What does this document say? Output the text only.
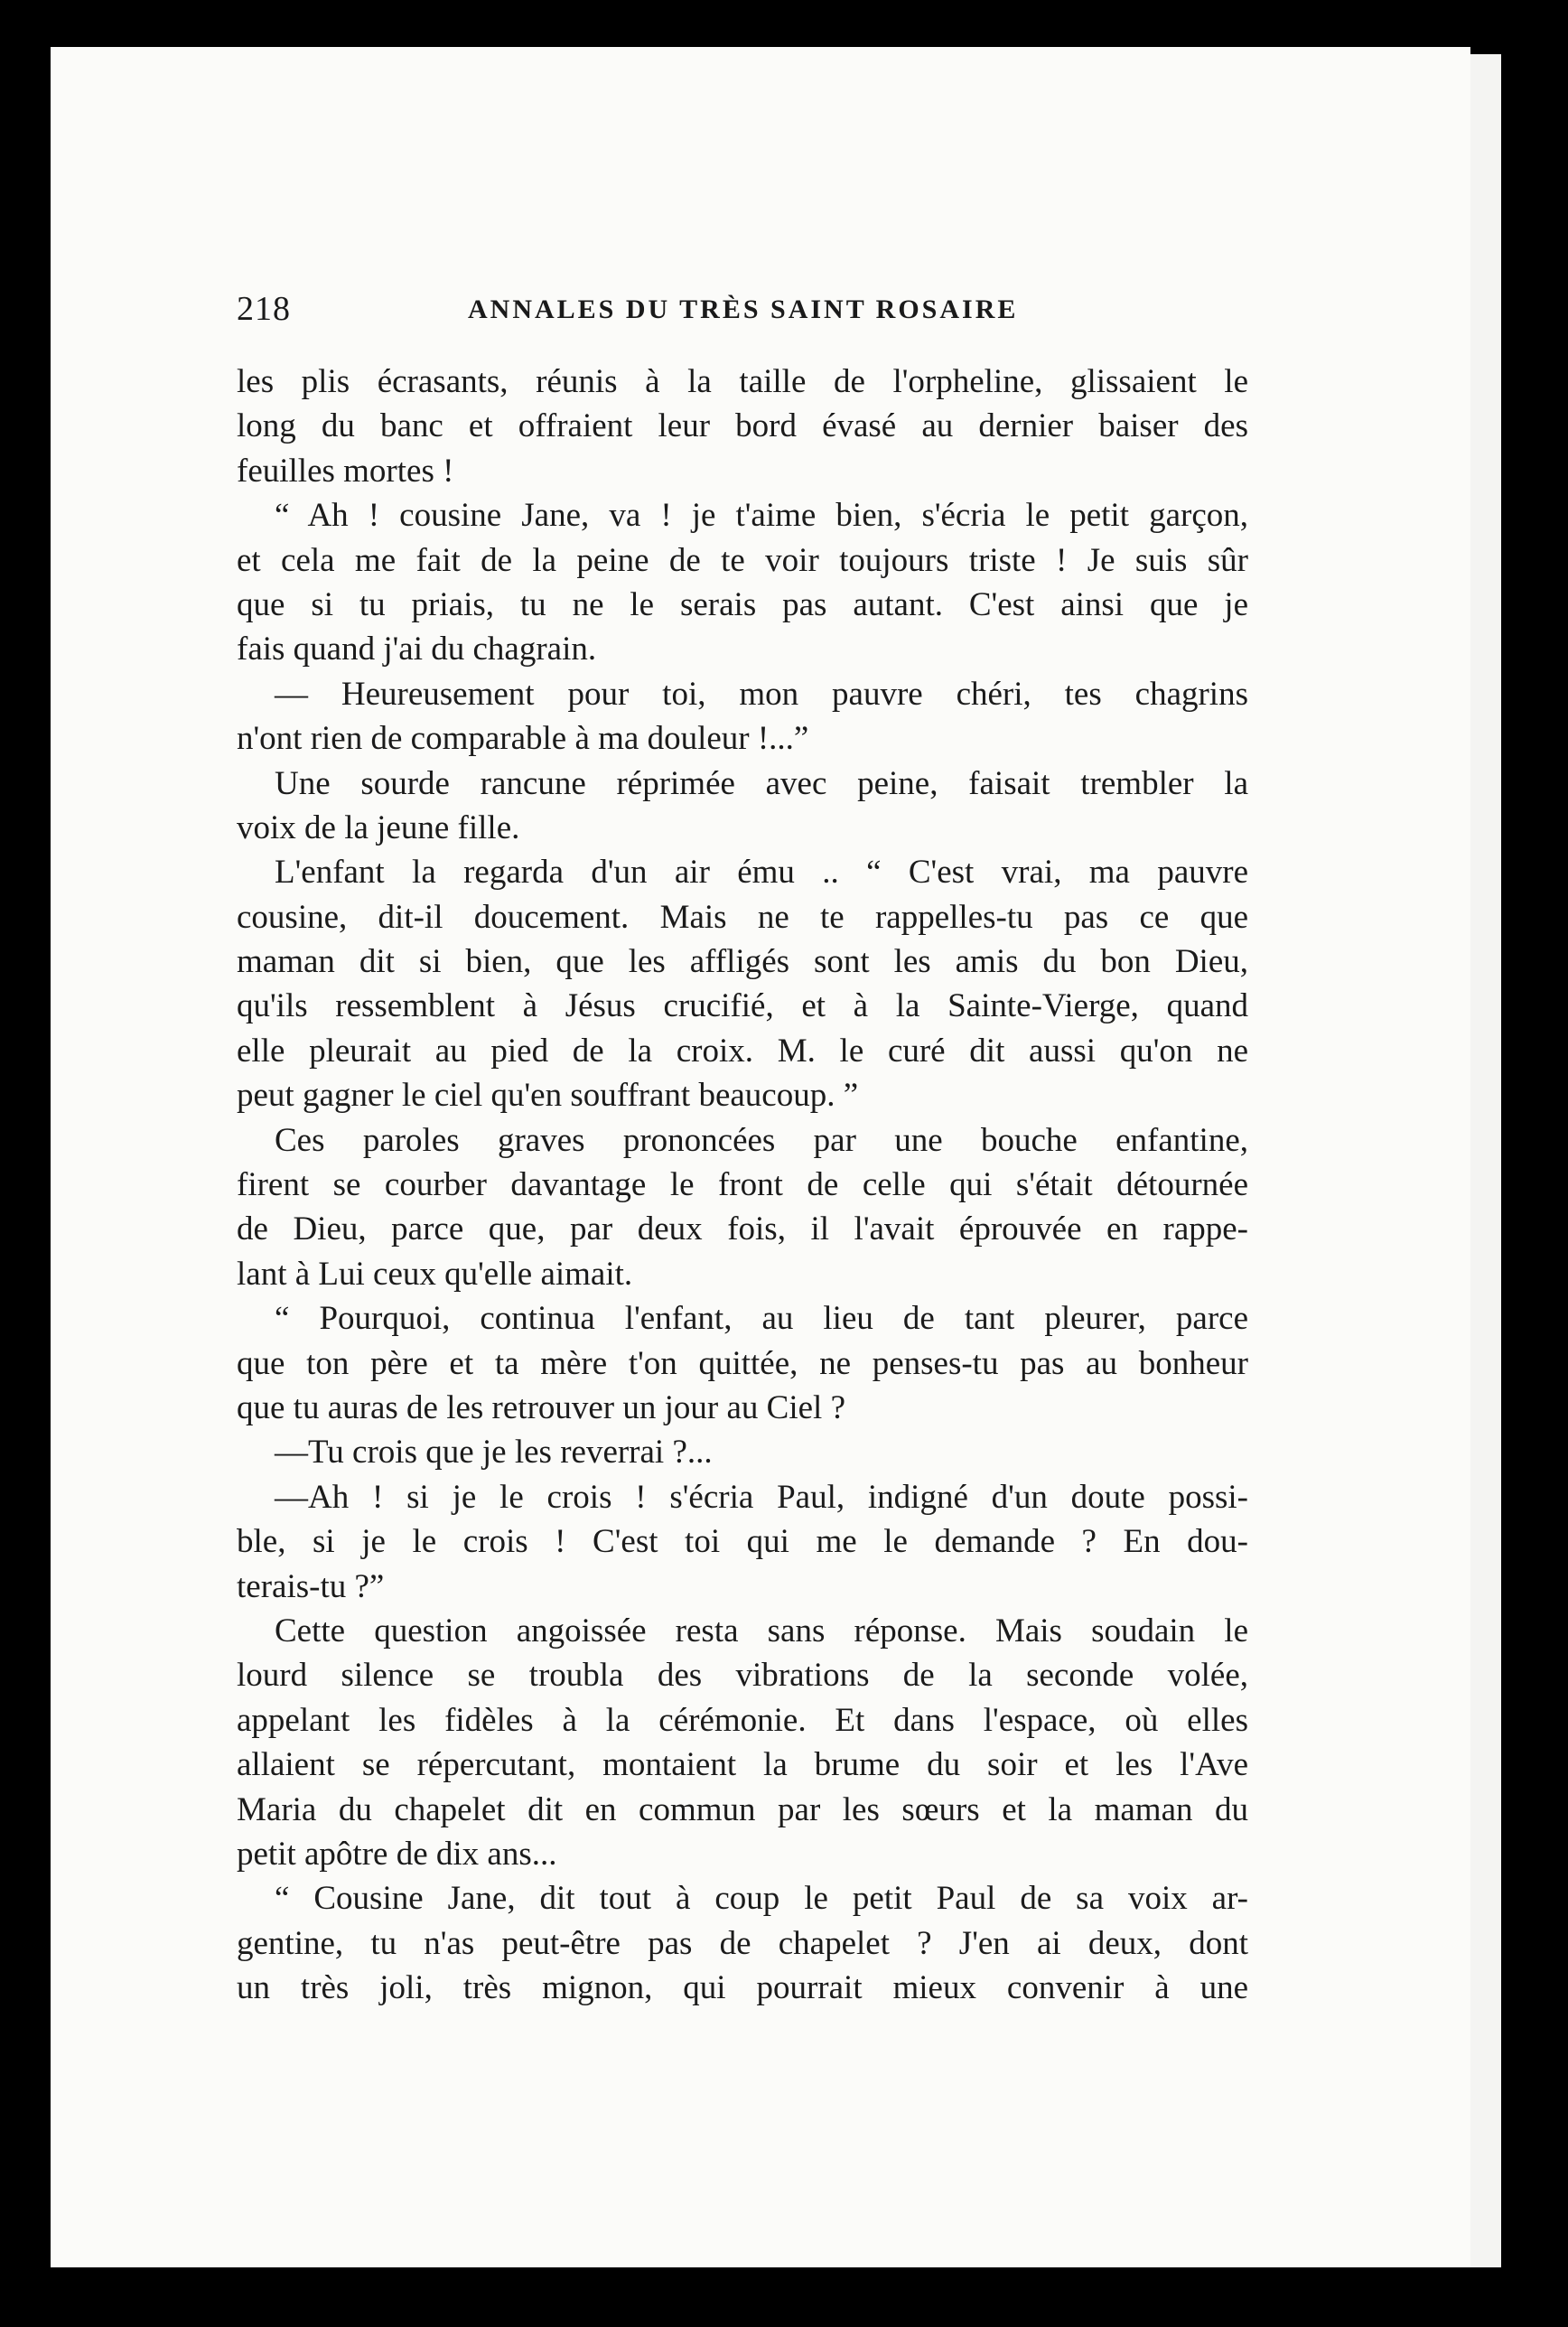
218	ANNALES DU TRÈS SAINT ROSAIRE
les plis écrasants, réunis à la taille de l'orpheline, glissaient le
long du banc et offraient leur bord évasé au dernier baiser des
feuilles mortes !
“ Ah ! cousine Jane, va ! je t'aime bien, s'écria le petit garçon,
et cela me fait de la peine de te voir toujours triste ! Je suis sûr
que si tu priais, tu ne le serais pas autant. C'est ainsi que je
fais quand j'ai du chagrain.
— Heureusement pour toi, mon pauvre chéri, tes chagrins
n'ont rien de comparable à ma douleur !...”
Une sourde rancune réprimée avec peine, faisait trembler la
voix de la jeune fille.
L'enfant la regarda d'un air ému .. “ C'est vrai, ma pauvre
cousine, dit-il doucement. Mais ne te rappelles-tu pas ce que
maman dit si bien, que les affligés sont les amis du bon Dieu,
qu'ils ressemblent à Jésus crucifié, et à la Sainte-Vierge, quand
elle pleurait au pied de la croix. M. le curé dit aussi qu'on ne
peut gagner le ciel qu'en souffrant beaucoup. ”
Ces paroles graves prononcées par une bouche enfantine,
firent se courber davantage le front de celle qui s'était détournée
de Dieu, parce que, par deux fois, il l'avait éprouvée en rappe-
lant à Lui ceux qu'elle aimait.
“ Pourquoi, continua l'enfant, au lieu de tant pleurer, parce
que ton père et ta mère t'on quittée, ne penses-tu pas au bonheur
que tu auras de les retrouver un jour au Ciel ?
—Tu crois que je les reverrai ?...
—Ah ! si je le crois ! s'écria Paul, indigné d'un doute possi-
ble, si je le crois ! C'est toi qui me le demande ? En dou-
terais-tu ?”
Cette question angoissée resta sans réponse. Mais soudain le
lourd silence se troubla des vibrations de la seconde volée,
appelant les fidèles à la cérémonie. Et dans l'espace, où elles
allaient se répercutant, montaient la brume du soir et les l'Ave
Maria du chapelet dit en commun par les sœurs et la maman du
petit apôtre de dix ans...
“ Cousine Jane, dit tout à coup le petit Paul de sa voix ar-
gentine, tu n'as peut-être pas de chapelet ? J'en ai deux, dont
un très joli, très mignon, qui pourrait mieux convenir à une
